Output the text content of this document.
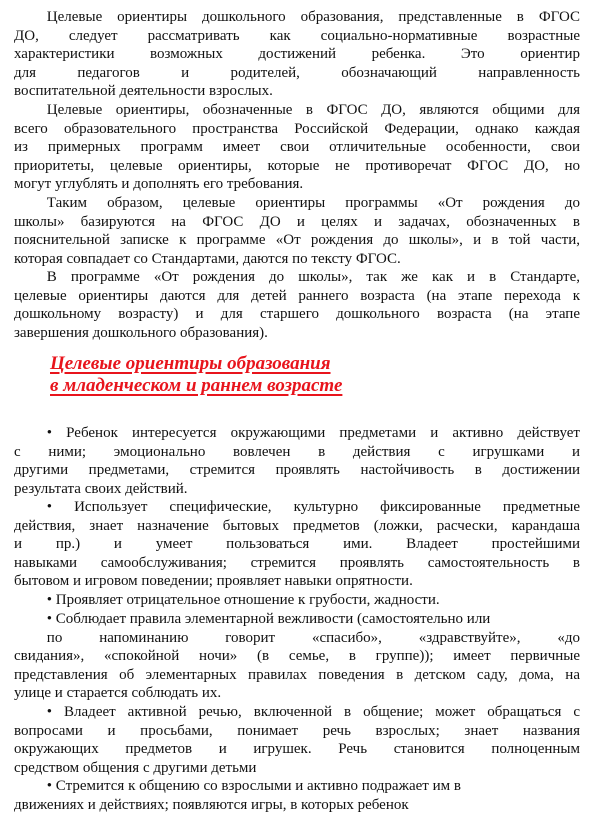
Целевые ориентиры дошкольного образования, представленные в ФГОС
ДО, следует рассматривать как социально-нормативные возрастные
характеристики возможных достижений ребенка. Это ориентир
для педагогов и родителей, обозначающий направленность
воспитательной деятельности взрослых.
Целевые ориентиры, обозначенные в ФГОС ДО, являются общими для
всего образовательного пространства Российской Федерации, однако каждая
из примерных программ имеет свои отличительные особенности, свои
приоритеты, целевые ориентиры, которые не противоречат ФГОС ДО, но
могут углублять и дополнять его требования.
Таким образом, целевые ориентиры программы «От рождения до
школы» базируются на ФГОС ДО и целях и задачах, обозначенных в
пояснительной записке к программе «От рождения до школы», и в той части,
которая совпадает со Стандартами, даются по тексту ФГОС.
В программе «От рождения до школы», так же как и в Стандарте,
целевые ориентиры даются для детей раннего возраста (на этапе перехода к
дошкольному возрасту) и для старшего дошкольного возраста (на этапе
завершения дошкольного образования).
Целевые ориентиры образования
в младенческом и раннем возрасте
• Ребенок интересуется окружающими предметами и активно действует
с ними; эмоционально вовлечен в действия с игрушками и
другими предметами, стремится проявлять настойчивость в достижении
результата своих действий.
• Использует специфические, культурно фиксированные предметные
действия, знает назначение бытовых предметов (ложки, расчески, карандаша
и пр.) и умеет пользоваться ими. Владеет простейшими
навыками самообслуживания; стремится проявлять самостоятельность в
бытовом и игровом поведении; проявляет навыки опрятности.
• Проявляет отрицательное отношение к грубости, жадности.
• Соблюдает правила элементарной вежливости (самостоятельно или
по напоминанию говорит «спасибо», «здравствуйте», «до
свидания», «спокойной ночи» (в семье, в группе)); имеет первичные
представления об элементарных правилах поведения в детском саду, дома, на
улице и старается соблюдать их.
• Владеет активной речью, включенной в общение; может обращаться с
вопросами и просьбами, понимает речь взрослых; знает названия
окружающих предметов и игрушек. Речь становится полноценным
средством общения с другими детьми
• Стремится к общению со взрослыми и активно подражает им в
движениях и действиях; появляются игры, в которых ребенок
